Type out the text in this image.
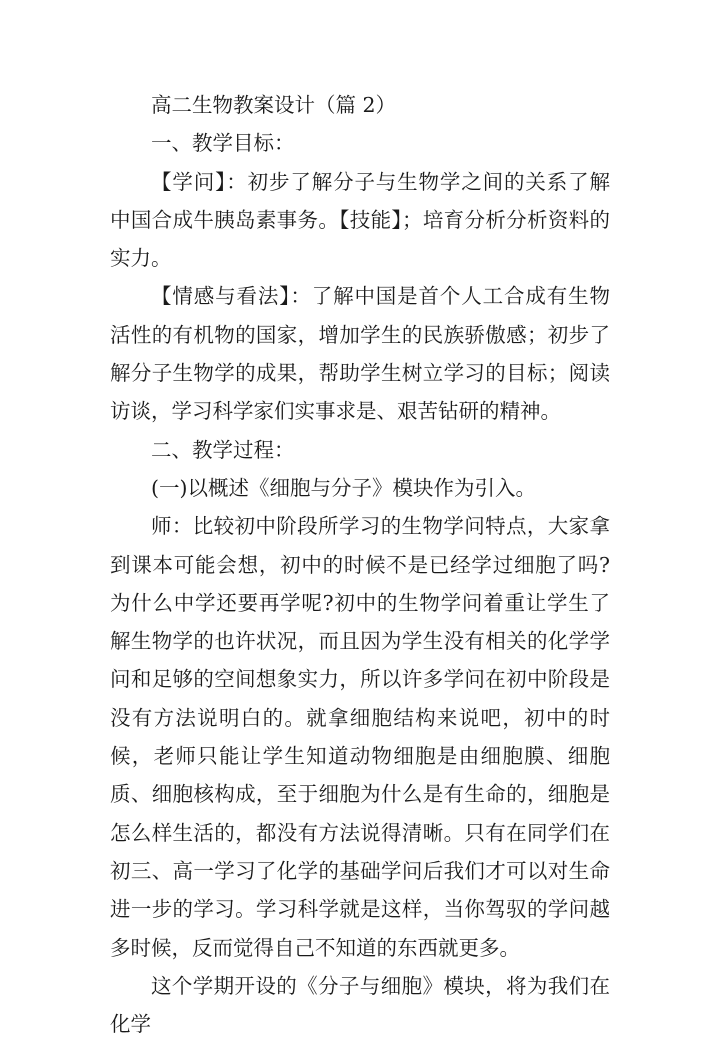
高二生物教案设计（篇 2）

一、教学目标：

【学问】：初步了解分子与生物学之间的关系了解中国合成牛胰岛素事务。【技能】；培育分析分析资料的实力。

【情感与看法】：了解中国是首个人工合成有生物活性的有机物的国家，增加学生的民族骄傲感；初步了解分子生物学的成果，帮助学生树立学习的目标；阅读访谈，学习科学家们实事求是、艰苦钻研的精神。

二、教学过程：

(一)以概述《细胞与分子》模块作为引入。

师：比较初中阶段所学习的生物学问特点，大家拿到课本可能会想，初中的时候不是已经学过细胞了吗?为什么中学还要再学呢?初中的生物学问着重让学生了解生物学的也许状况，而且因为学生没有相关的化学学问和足够的空间想象实力，所以许多学问在初中阶段是没有方法说明白的。就拿细胞结构来说吧，初中的时候，老师只能让学生知道动物细胞是由细胞膜、细胞质、细胞核构成，至于细胞为什么是有生命的，细胞是怎么样生活的，都没有方法说得清晰。只有在同学们在初三、高一学习了化学的基础学问后我们才可以对生命进一步的学习。学习科学就是这样，当你驾驭的学问越多时候，反而觉得自己不知道的东西就更多。

这个学期开设的《分子与细胞》模块，将为我们在化学
